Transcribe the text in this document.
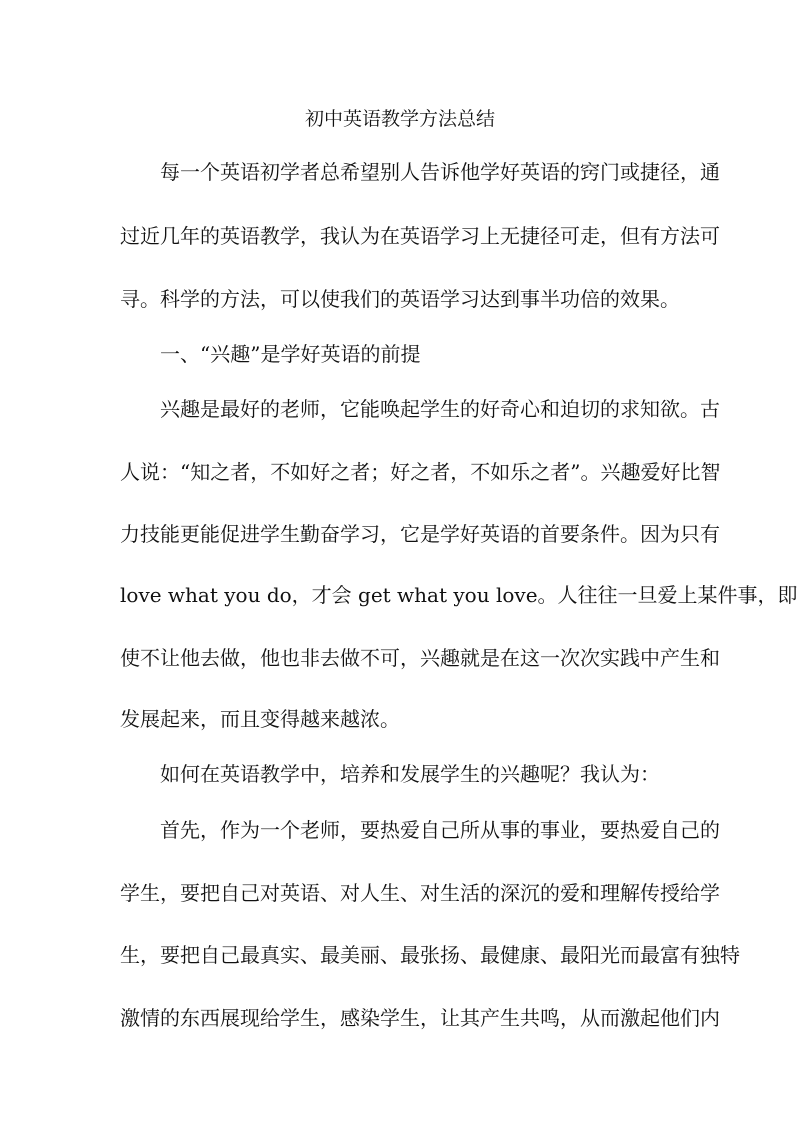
初中英语教学方法总结
每一个英语初学者总希望别人告诉他学好英语的窍门或捷径，通
过近几年的英语教学，我认为在英语学习上无捷径可走，但有方法可
寻。科学的方法，可以使我们的英语学习达到事半功倍的效果。
一、“兴趣”是学好英语的前提
兴趣是最好的老师，它能唤起学生的好奇心和迫切的求知欲。古
人说：“知之者，不如好之者；好之者，不如乐之者”。兴趣爱好比智
力技能更能促进学生勤奋学习，它是学好英语的首要条件。因为只有
love what you do，才会 get what you love。人往往一旦爱上某件事，即
使不让他去做，他也非去做不可，兴趣就是在这一次次实践中产生和
发展起来，而且变得越来越浓。
如何在英语教学中，培养和发展学生的兴趣呢？我认为：
首先，作为一个老师，要热爱自己所从事的事业，要热爱自己的
学生，要把自己对英语、对人生、对生活的深沉的爱和理解传授给学
生，要把自己最真实、最美丽、最张扬、最健康、最阳光而最富有独特
激情的东西展现给学生，感染学生，让其产生共鸣，从而激起他们内
